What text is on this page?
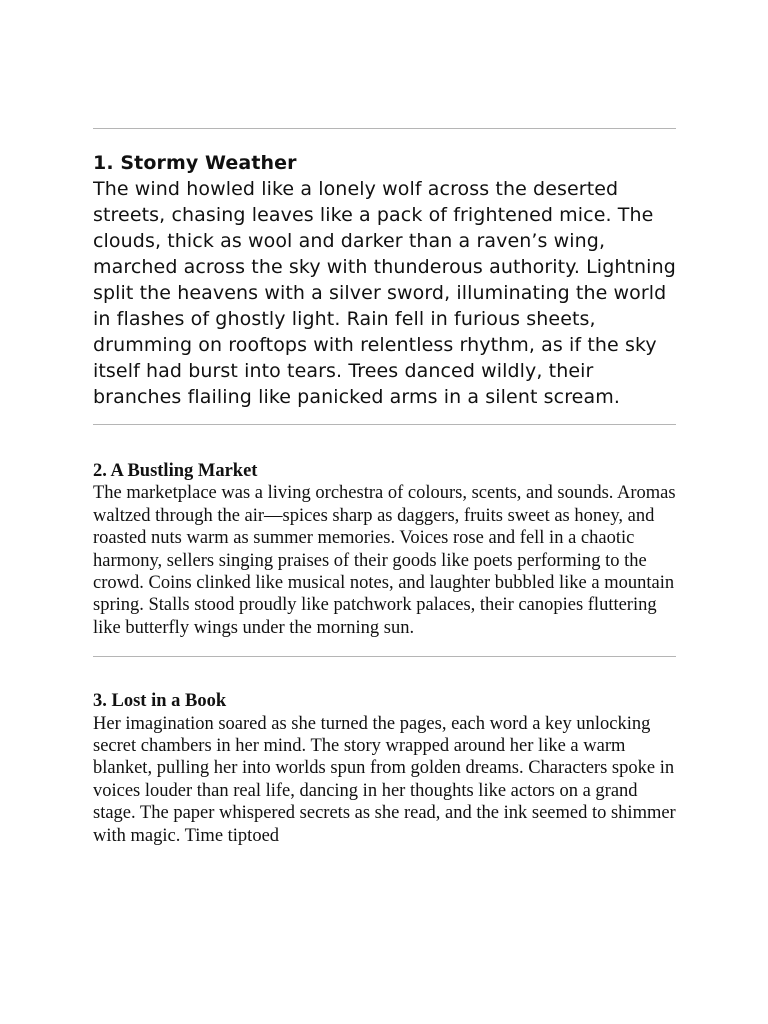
1. Stormy Weather

The wind howled like a lonely wolf across the deserted streets, chasing leaves like a pack of frightened mice. The clouds, thick as wool and darker than a raven’s wing, marched across the sky with thunderous authority. Lightning split the heavens with a silver sword, illuminating the world in flashes of ghostly light. Rain fell in furious sheets, drumming on rooftops with relentless rhythm, as if the sky itself had burst into tears. Trees danced wildly, their branches flailing like panicked arms in a silent scream.

2. A Bustling Market

The marketplace was a living orchestra of colours, scents, and sounds. Aromas waltzed through the air—spices sharp as daggers, fruits sweet as honey, and roasted nuts warm as summer memories. Voices rose and fell in a chaotic harmony, sellers singing praises of their goods like poets performing to the crowd. Coins clinked like musical notes, and laughter bubbled like a mountain spring. Stalls stood proudly like patchwork palaces, their canopies fluttering like butterfly wings under the morning sun.

3. Lost in a Book

Her imagination soared as she turned the pages, each word a key unlocking secret chambers in her mind. The story wrapped around her like a warm blanket, pulling her into worlds spun from golden dreams. Characters spoke in voices louder than real life, dancing in her thoughts like actors on a grand stage. The paper whispered secrets as she read, and the ink seemed to shimmer with magic. Time tiptoed
